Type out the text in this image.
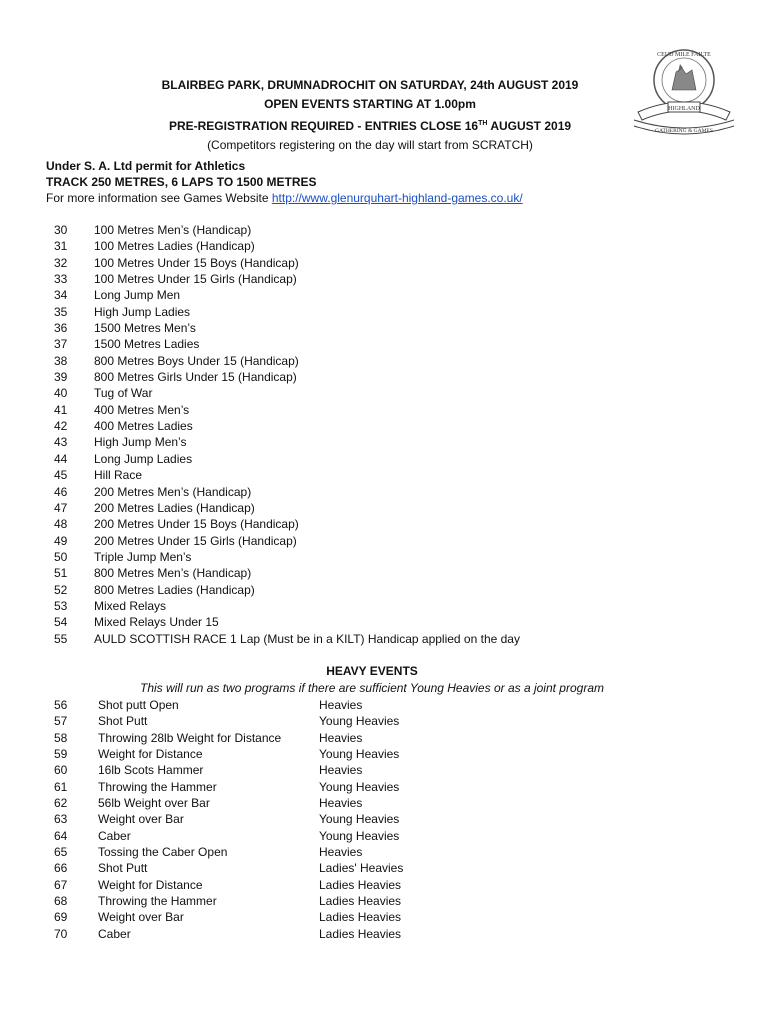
BLAIRBEG PARK, DRUMNADROCHIT ON SATURDAY, 24th AUGUST 2019
OPEN EVENTS STARTING AT 1.00pm
PRE-REGISTRATION REQUIRED - ENTRIES CLOSE 16TH AUGUST 2019
(Competitors registering on the day will start from SCRATCH)
CEUD MILE FAILTE
HIGHLAND
GATHERING & GAMES
Under S. A. Ltd permit for Athletics
TRACK 250 METRES, 6 LAPS TO 1500 METRES
For more information see Games Website http://www.glenurquhart-highland-games.co.uk/
30 100 Metres Men’s (Handicap)
31 100 Metres Ladies (Handicap)
32 100 Metres Under 15 Boys (Handicap)
33 100 Metres Under 15 Girls (Handicap)
34 Long Jump Men
35 High Jump Ladies
36 1500 Metres Men’s
37 1500 Metres Ladies
38 800 Metres Boys Under 15 (Handicap)
39 800 Metres Girls Under 15 (Handicap)
40 Tug of War
41 400 Metres Men’s
42 400 Metres Ladies
43 High Jump Men’s
44 Long Jump Ladies
45 Hill Race
46 200 Metres Men’s (Handicap)
47 200 Metres Ladies (Handicap)
48 200 Metres Under 15 Boys (Handicap)
49 200 Metres Under 15 Girls (Handicap)
50 Triple Jump Men’s
51 800 Metres Men’s (Handicap)
52 800 Metres Ladies (Handicap)
53 Mixed Relays
54 Mixed Relays Under 15
55 AULD SCOTTISH RACE 1 Lap (Must be in a KILT) Handicap applied on the day
HEAVY EVENTS
This will run as two programs if there are sufficient Young Heavies or as a joint program
56	Shot putt Open	Heavies
57	Shot Putt	Young Heavies
58	Throwing 28lb Weight for Distance	Heavies
59	Weight for Distance	Young Heavies
60	16lb Scots Hammer	Heavies
61	Throwing the Hammer	Young Heavies
62	56lb Weight over Bar	Heavies
63	Weight over Bar	Young Heavies
64	Caber	Young Heavies
65	Tossing the Caber Open	Heavies
66	Shot Putt	Ladies' Heavies
67	Weight for Distance	Ladies Heavies
68	Throwing the Hammer	Ladies Heavies
69	Weight over Bar	Ladies Heavies
70	Caber	Ladies Heavies
